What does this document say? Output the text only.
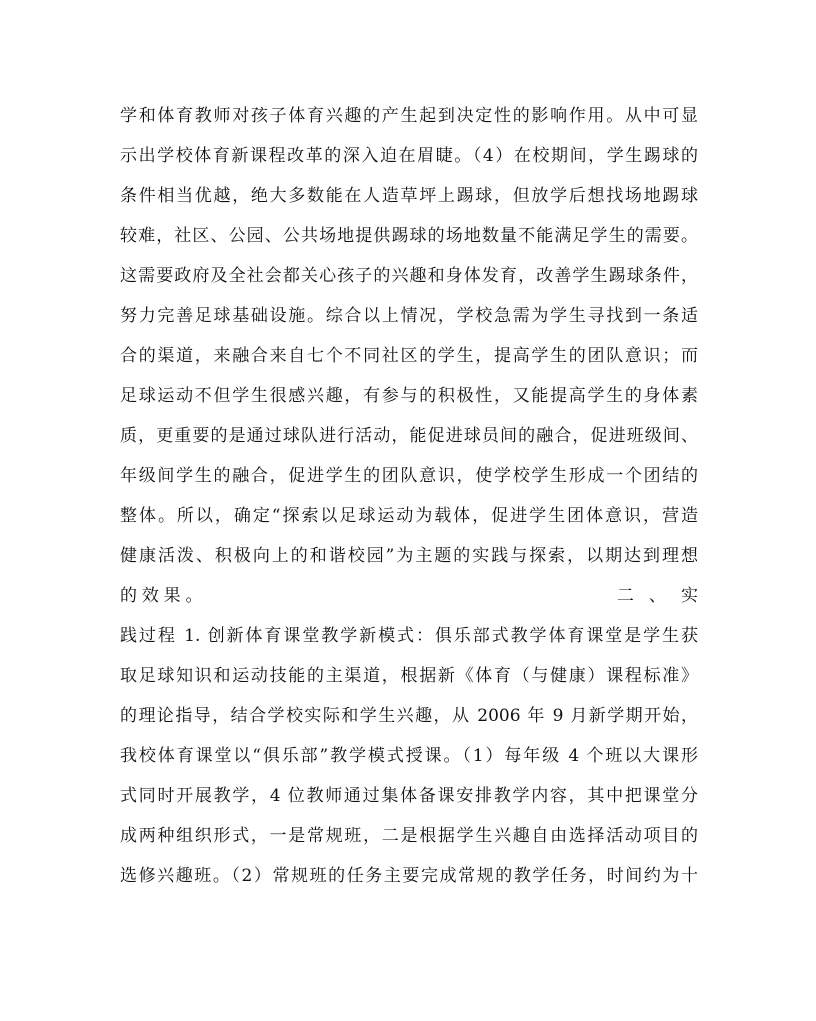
学和体育教师对孩子体育兴趣的产生起到决定性的影响作用。从中可显
示出学校体育新课程改革的深入迫在眉睫。（4）在校期间，学生踢球的
条件相当优越，绝大多数能在人造草坪上踢球，但放学后想找场地踢球
较难，社区、公园、公共场地提供踢球的场地数量不能满足学生的需要。
这需要政府及全社会都关心孩子的兴趣和身体发育，改善学生踢球条件，
努力完善足球基础设施。综合以上情况，学校急需为学生寻找到一条适
合的渠道，来融合来自七个不同社区的学生，提高学生的团队意识；而
足球运动不但学生很感兴趣，有参与的积极性，又能提高学生的身体素
质，更重要的是通过球队进行活动，能促进球员间的融合，促进班级间、
年级间学生的融合，促进学生的团队意识，使学校学生形成一个团结的
整体。所以，确定“探索以足球运动为载体，促进学生团体意识，营造
健康活泼、积极向上的和谐校园”为主题的实践与探索，以期达到理想
的效果。                                        二 、 实
践过程 1. 创新体育课堂教学新模式：俱乐部式教学体育课堂是学生获
取足球知识和运动技能的主渠道，根据新《体育（与健康）课程标准》
的理论指导，结合学校实际和学生兴趣，从 2006 年 9 月新学期开始，
我校体育课堂以“俱乐部”教学模式授课。（1）每年级 4 个班以大课形
式同时开展教学，4 位教师通过集体备课安排教学内容，其中把课堂分
成两种组织形式，一是常规班，二是根据学生兴趣自由选择活动项目的
选修兴趣班。（2）常规班的任务主要完成常规的教学任务，时间约为十
